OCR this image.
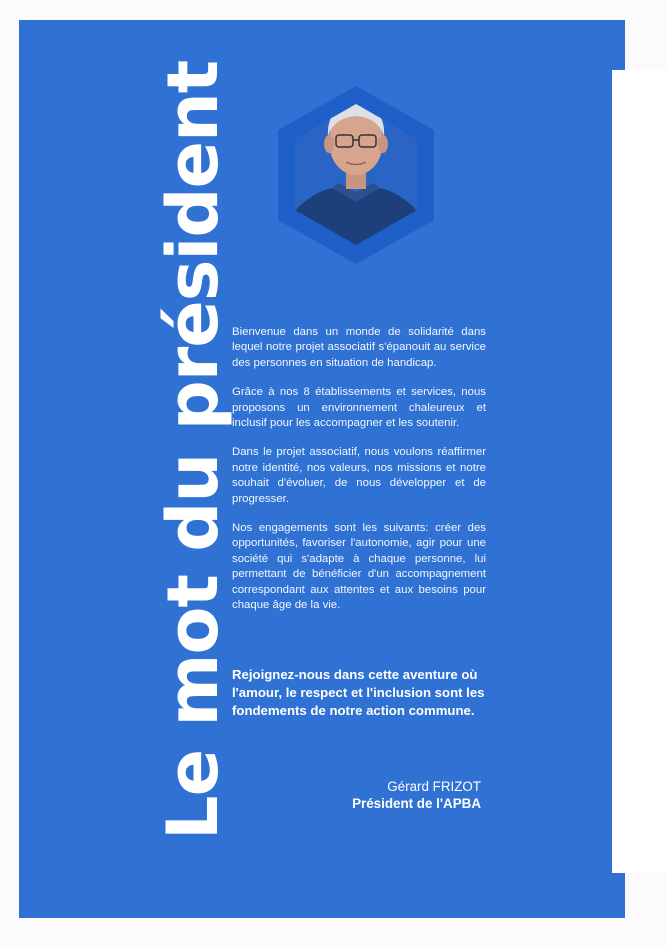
Le mot du président

Bienvenue dans un monde de solidarité dans lequel notre projet associatif s'épanouit au service des personnes en situation de handicap.

Grâce à nos 8 établissements et services, nous proposons un environnement chaleureux et inclusif pour les accompagner et les soutenir.

Dans le projet associatif, nous voulons réaffirmer notre identité, nos valeurs, nos missions et notre souhait d'évoluer, de nous développer et de progresser.

Nos engagements sont les suivants: créer des opportunités, favoriser l'autonomie, agir pour une société qui s'adapte à chaque personne, lui permettant de bénéficier d'un accompagnement correspondant aux attentes et aux besoins pour chaque âge de la vie.

Rejoignez-nous dans cette aventure où l'amour, le respect et l'inclusion sont les fondements de notre action commune.
Gérard FRIZOT
Président de l'APBA
